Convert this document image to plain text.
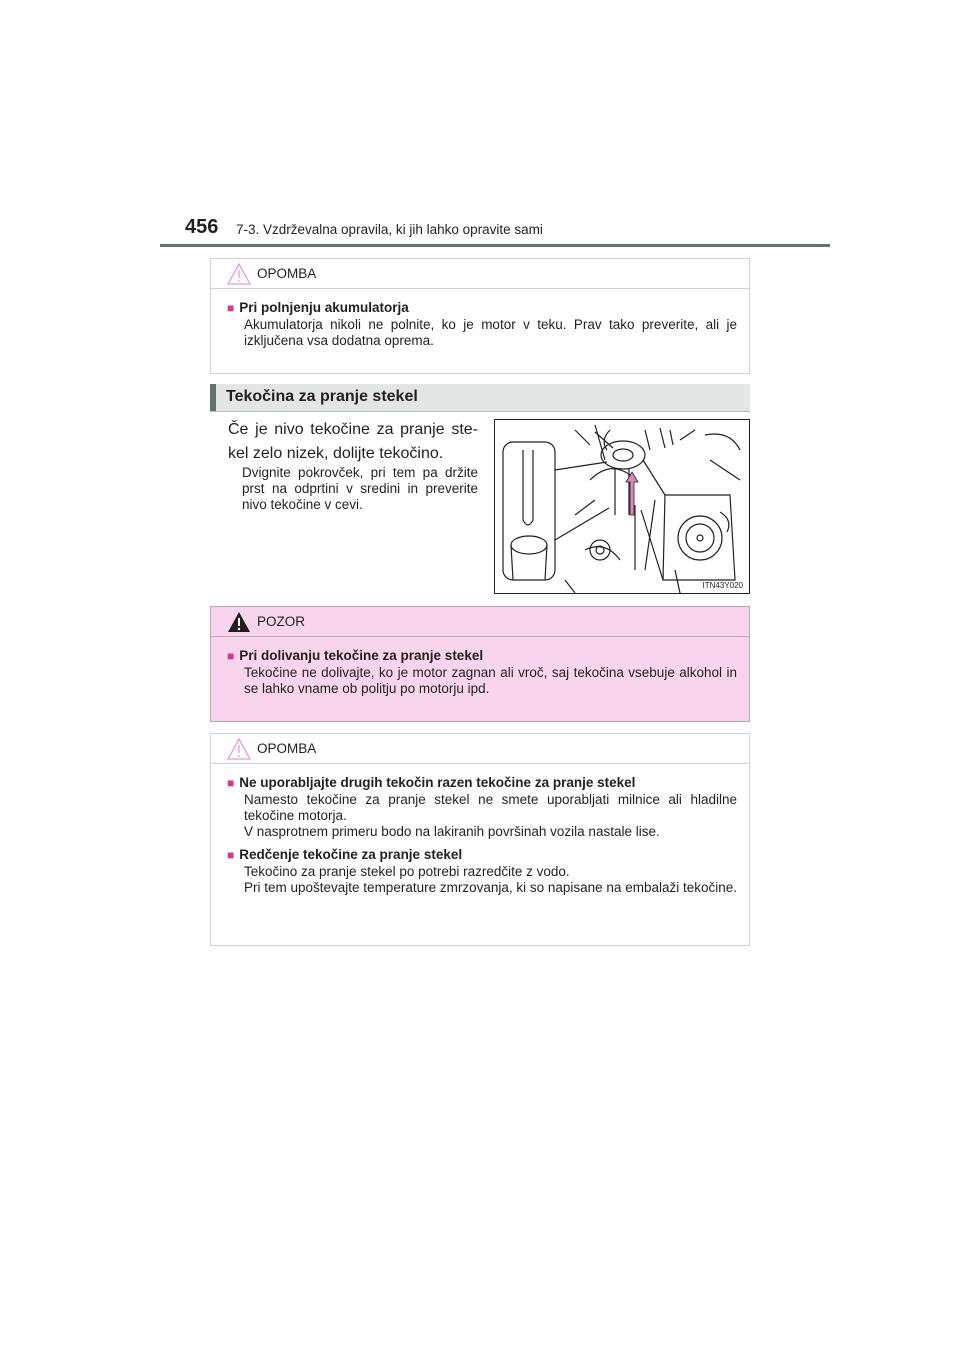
456 7-3. Vzdrževalna opravila, ki jih lahko opravite sami
OPOMBA
■ Pri polnjenju akumulatorja
Akumulatorja nikoli ne polnite, ko je motor v teku. Prav tako preverite, ali je izključena vsa dodatna oprema.
Tekočina za pranje stekel
Če je nivo tekočine za pranje ste-kel zelo nizek, dolijte tekočino.
Dvignite pokrovček, pri tem pa držite prst na odprtini v sredini in preverite nivo tekočine v cevi.
ITN43Y020
POZOR
■ Pri dolivanju tekočine za pranje stekel
Tekočine ne dolivajte, ko je motor zagnan ali vroč, saj tekočina vsebuje alkohol in se lahko vname ob politju po motorju ipd.
OPOMBA
■ Ne uporabljajte drugih tekočin razen tekočine za pranje stekel
Namesto tekočine za pranje stekel ne smete uporabljati milnice ali hladilne tekočine motorja.
V nasprotnem primeru bodo na lakiranih površinah vozila nastale lise.
■ Redčenje tekočine za pranje stekel
Tekočino za pranje stekel po potrebi razredčite z vodo.
Pri tem upoštevajte temperature zmrzovanja, ki so napisane na embalaži tekočine.
